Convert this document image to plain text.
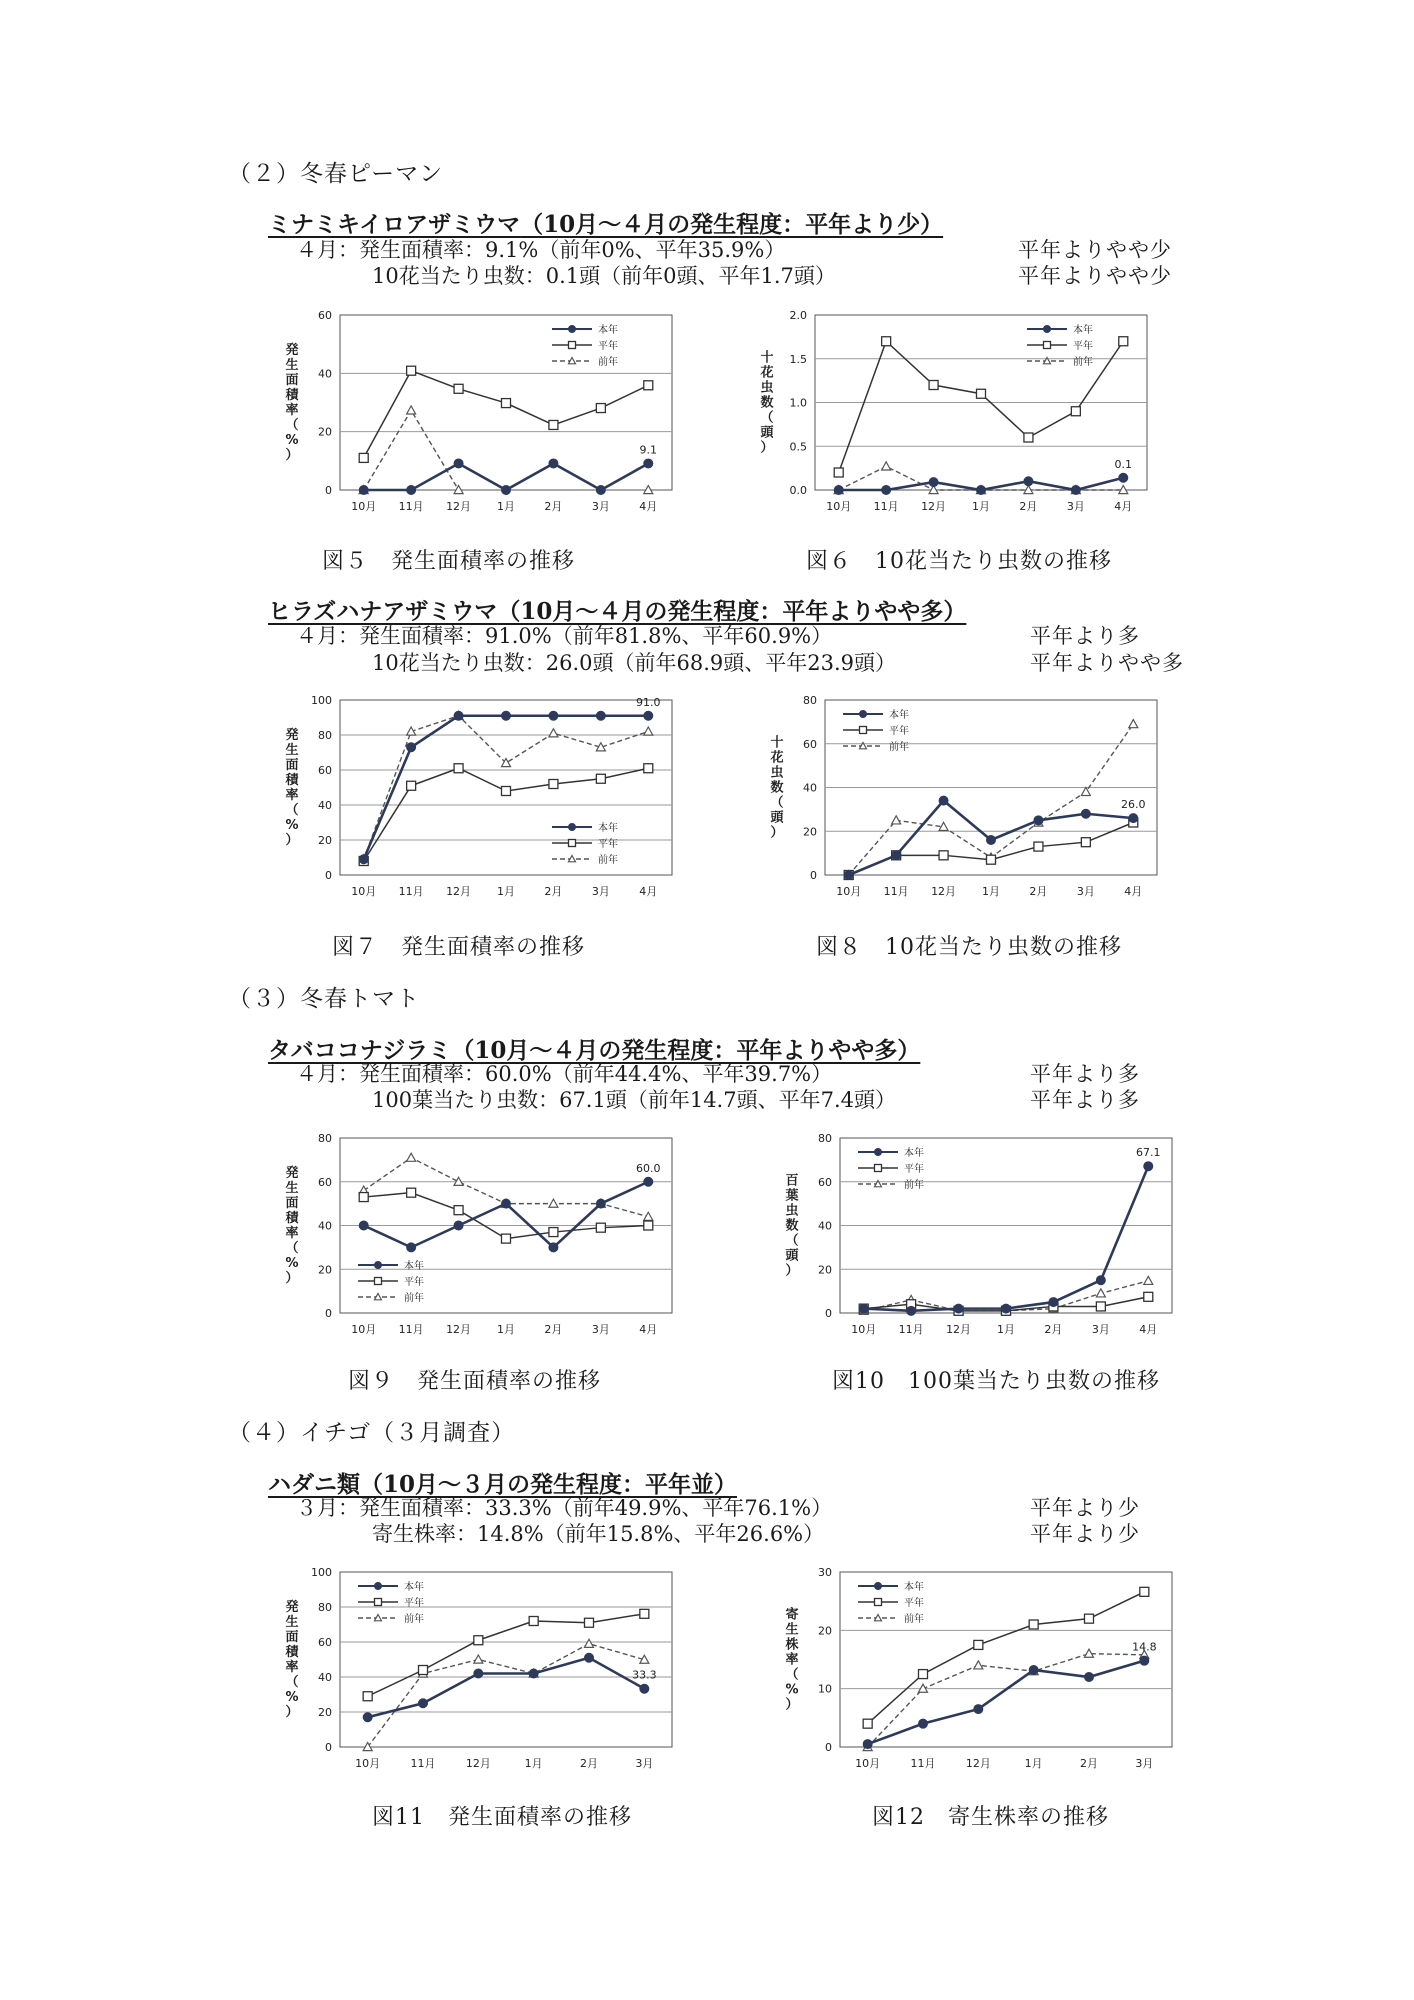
（２）冬春ピーマン
ミナミキイロアザミウマ（10月～４月の発生程度：平年より少）
４月：発生面積率：9.1%（前年0%、平年35.9%）	平年よりやや少
10花当たり虫数：0.1頭（前年0頭、平年1.7頭）	平年よりやや少
0
20
40
60
10月 11月 12月 1月	2月	3月	4月
発生面積率（%）	9.1
本年
平年
前年
0.0
0.5
1.0
1.5
2.0
10月 11月 12月 1月	2月	3月	4月
十花虫数（頭）
0.1
本年
平年
前年
図５　発生面積率の推移	図６　10花当たり虫数の推移
ヒラズハナアザミウマ（10月～４月の発生程度：平年よりやや多）
４月：発生面積率：91.0%（前年81.8%、平年60.9%）	平年より多
10花当たり虫数：26.0頭（前年68.9頭、平年23.9頭）	平年よりやや多
0
20
40
60
80
100
10月 11月 12月 1月	2月	3月	4月
発生面積率（%）
91.0
本年
平年
前年
0
20
40
60
80
10月 11月 12月 1月	2月	3月	4月
十花虫数（頭）
26.0
本年
平年
前年
図７　発生面積率の推移	図８　10花当たり虫数の推移
（３）冬春トマト
タバココナジラミ（10月～４月の発生程度：平年よりやや多）
４月：発生面積率：60.0%（前年44.4%、平年39.7%）	平年より多
100葉当たり虫数：67.1頭（前年14.7頭、平年7.4頭）	平年より多
0
20
40
60
80
10月 11月 12月 1月	2月	3月	4月
発生面積率（%）
60.0
本年
平年
前年
0
20
40
60
80
10月 11月 12月 1月	2月	3月	4月
百葉虫数（頭）
67.1
本年
平年
前年
図９　発生面積率の推移	図10　100葉当たり虫数の推移
（４）イチゴ（３月調査）
ハダニ類（10月～３月の発生程度：平年並）
３月：発生面積率：33.3%（前年49.9%、平年76.1%）	平年より少
寄生株率：14.8%（前年15.8%、平年26.6%）	平年より少
0
20
40
60
80
100
10月	11月	12月	1月	2月	3月
発生面積率（%）
33.3
本年
平年
前年
0
10
20
30
10月	11月	12月	1月	2月	3月
寄生株率（%）
14.8
本年
平年
前年
図11　発生面積率の推移	図12　寄生株率の推移
